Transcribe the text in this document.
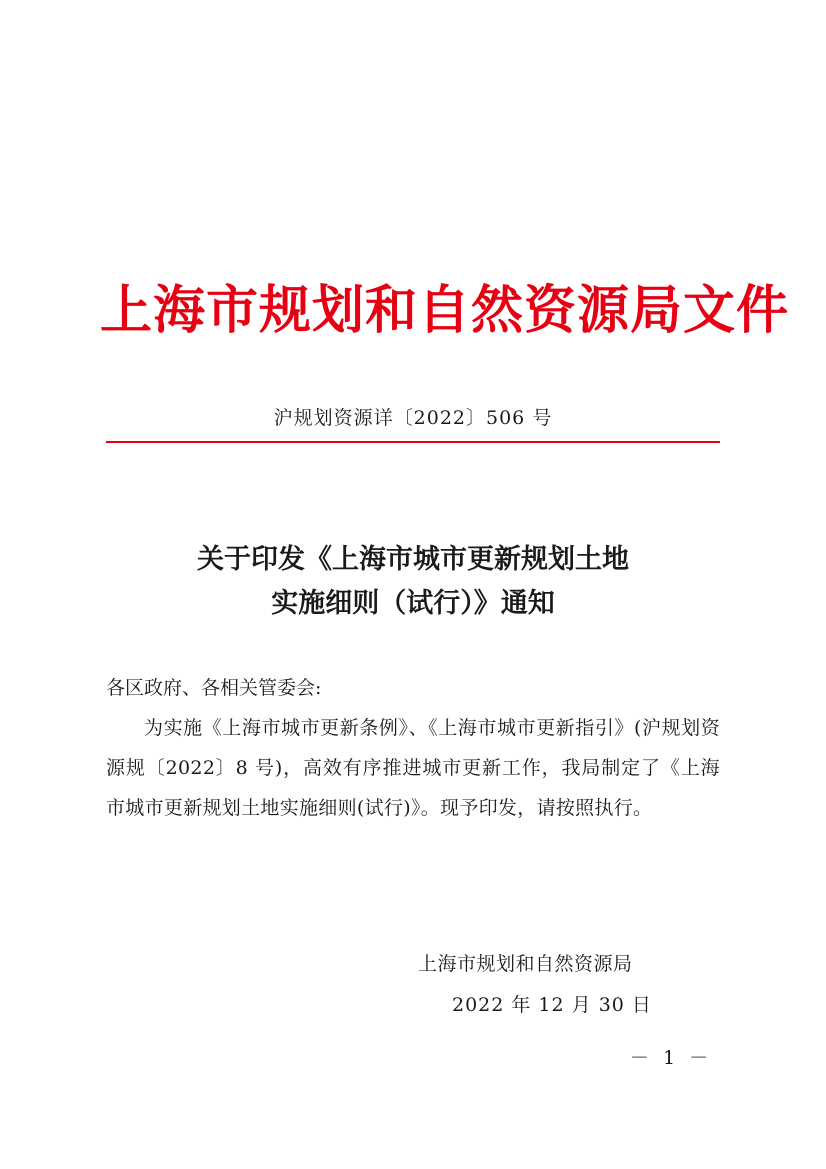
上海市规划和自然资源局文件
沪规划资源详〔2022〕506 号
关于印发《上海市城市更新规划土地
实施细则（试行）》通知
各区政府、各相关管委会:
为实施《上海市城市更新条例》、《上海市城市更新指引》(沪规划资源规〔2022〕8 号)，高效有序推进城市更新工作，我局制定了《上海市城市更新规划土地实施细则(试行)》。现予印发，请按照执行。
上海市规划和自然资源局
2022 年 12 月 30 日
－ 1 －
